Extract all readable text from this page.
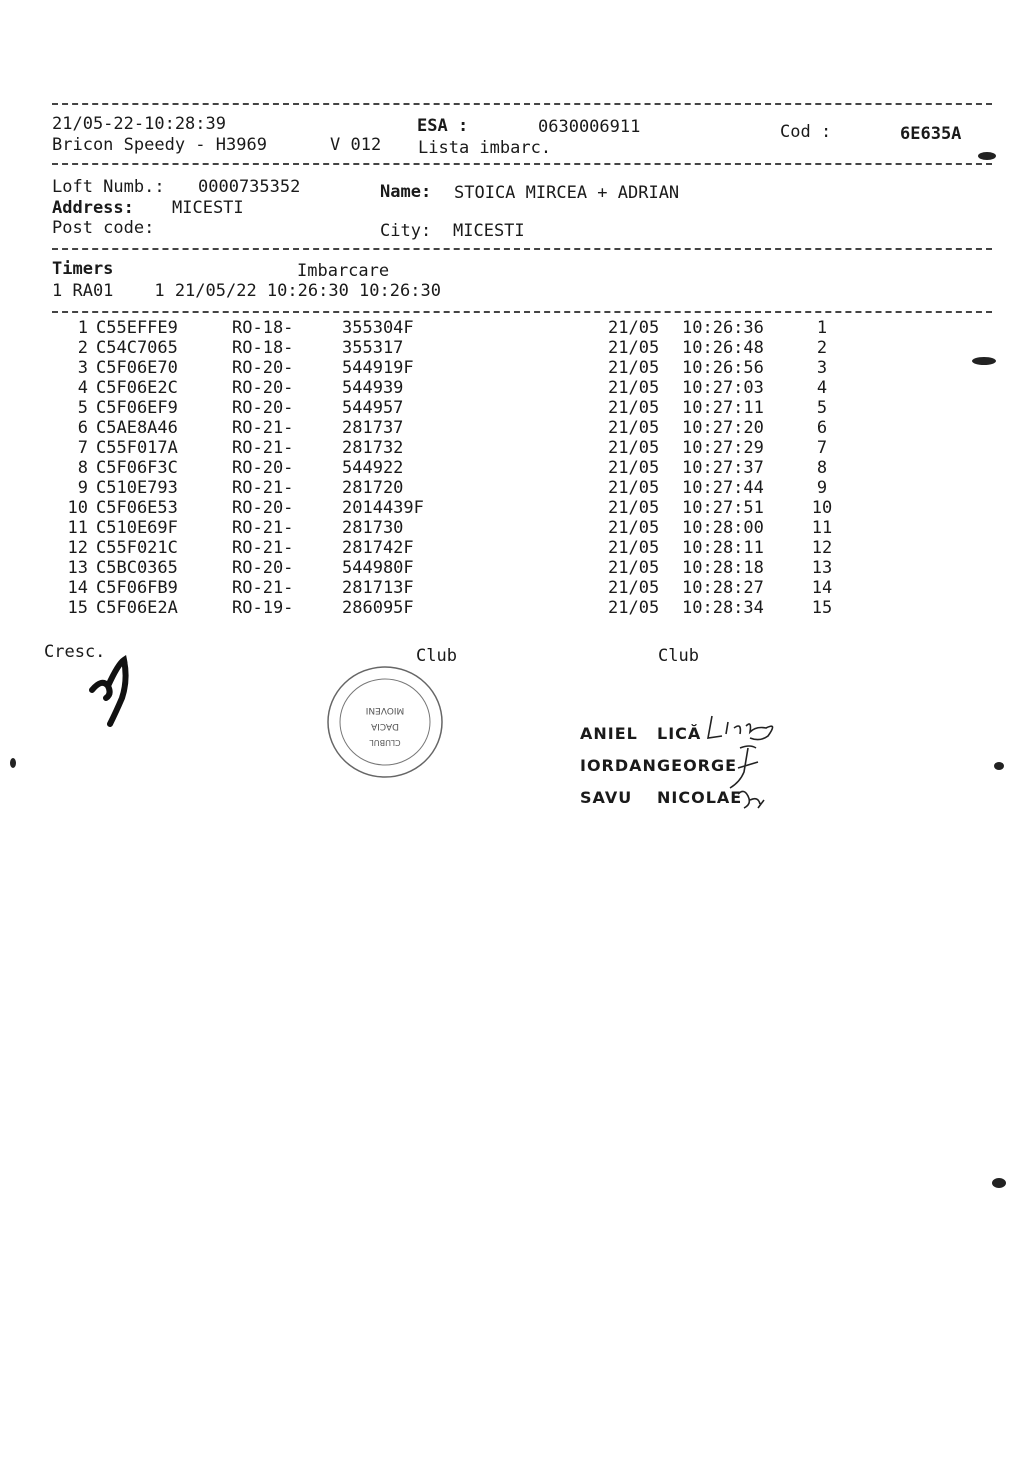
21/05-22-10:28:39	ESA :	0630006911	Cod :	6E635A
Bricon Speedy - H3969	V 012 Lista imbarc.
Loft Numb.: 0000735352	Name: STOICA MIRCEA + ADRIAN
Address: MICESTI
Post code:	City: MICESTI
Timers	Imbarcare
1 RA01    1 21/05/22 10:26:30 10:26:30
1	C55EFFE9	RO-18-	355304F	21/05	10:26:36	1
2	C54C7065	RO-18-	355317	21/05	10:26:48	2
3	C5F06E70	RO-20-	544919F	21/05	10:26:56	3
4	C5F06E2C	RO-20-	544939	21/05	10:27:03	4
5	C5F06EF9	RO-20-	544957	21/05	10:27:11	5
6	C5AE8A46	RO-21-	281737	21/05	10:27:20	6
7	C55F017A	RO-21-	281732	21/05	10:27:29	7
8	C5F06F3C	RO-20-	544922	21/05	10:27:37	8
9	C510E793	RO-21-	281720	21/05	10:27:44	9
10	C5F06E53	RO-20-	2014439F	21/05	10:27:51	10
11	C510E69F	RO-21-	281730	21/05	10:28:00	11
12	C55F021C	RO-21-	281742F	21/05	10:28:11	12
13	C5BC0365	RO-20-	544980F	21/05	10:28:18	13
14	C5F06FB9	RO-21-	281713F	21/05	10:28:27	14
15	C5F06E2A	RO-19-	286095F	21/05	10:28:34	15
Cresc.	Club	Club
CLUBUL
DACIA
MIOVENI
ANIEL LICĂ
IORDAN GEORGE
SAVU NICOLAE
